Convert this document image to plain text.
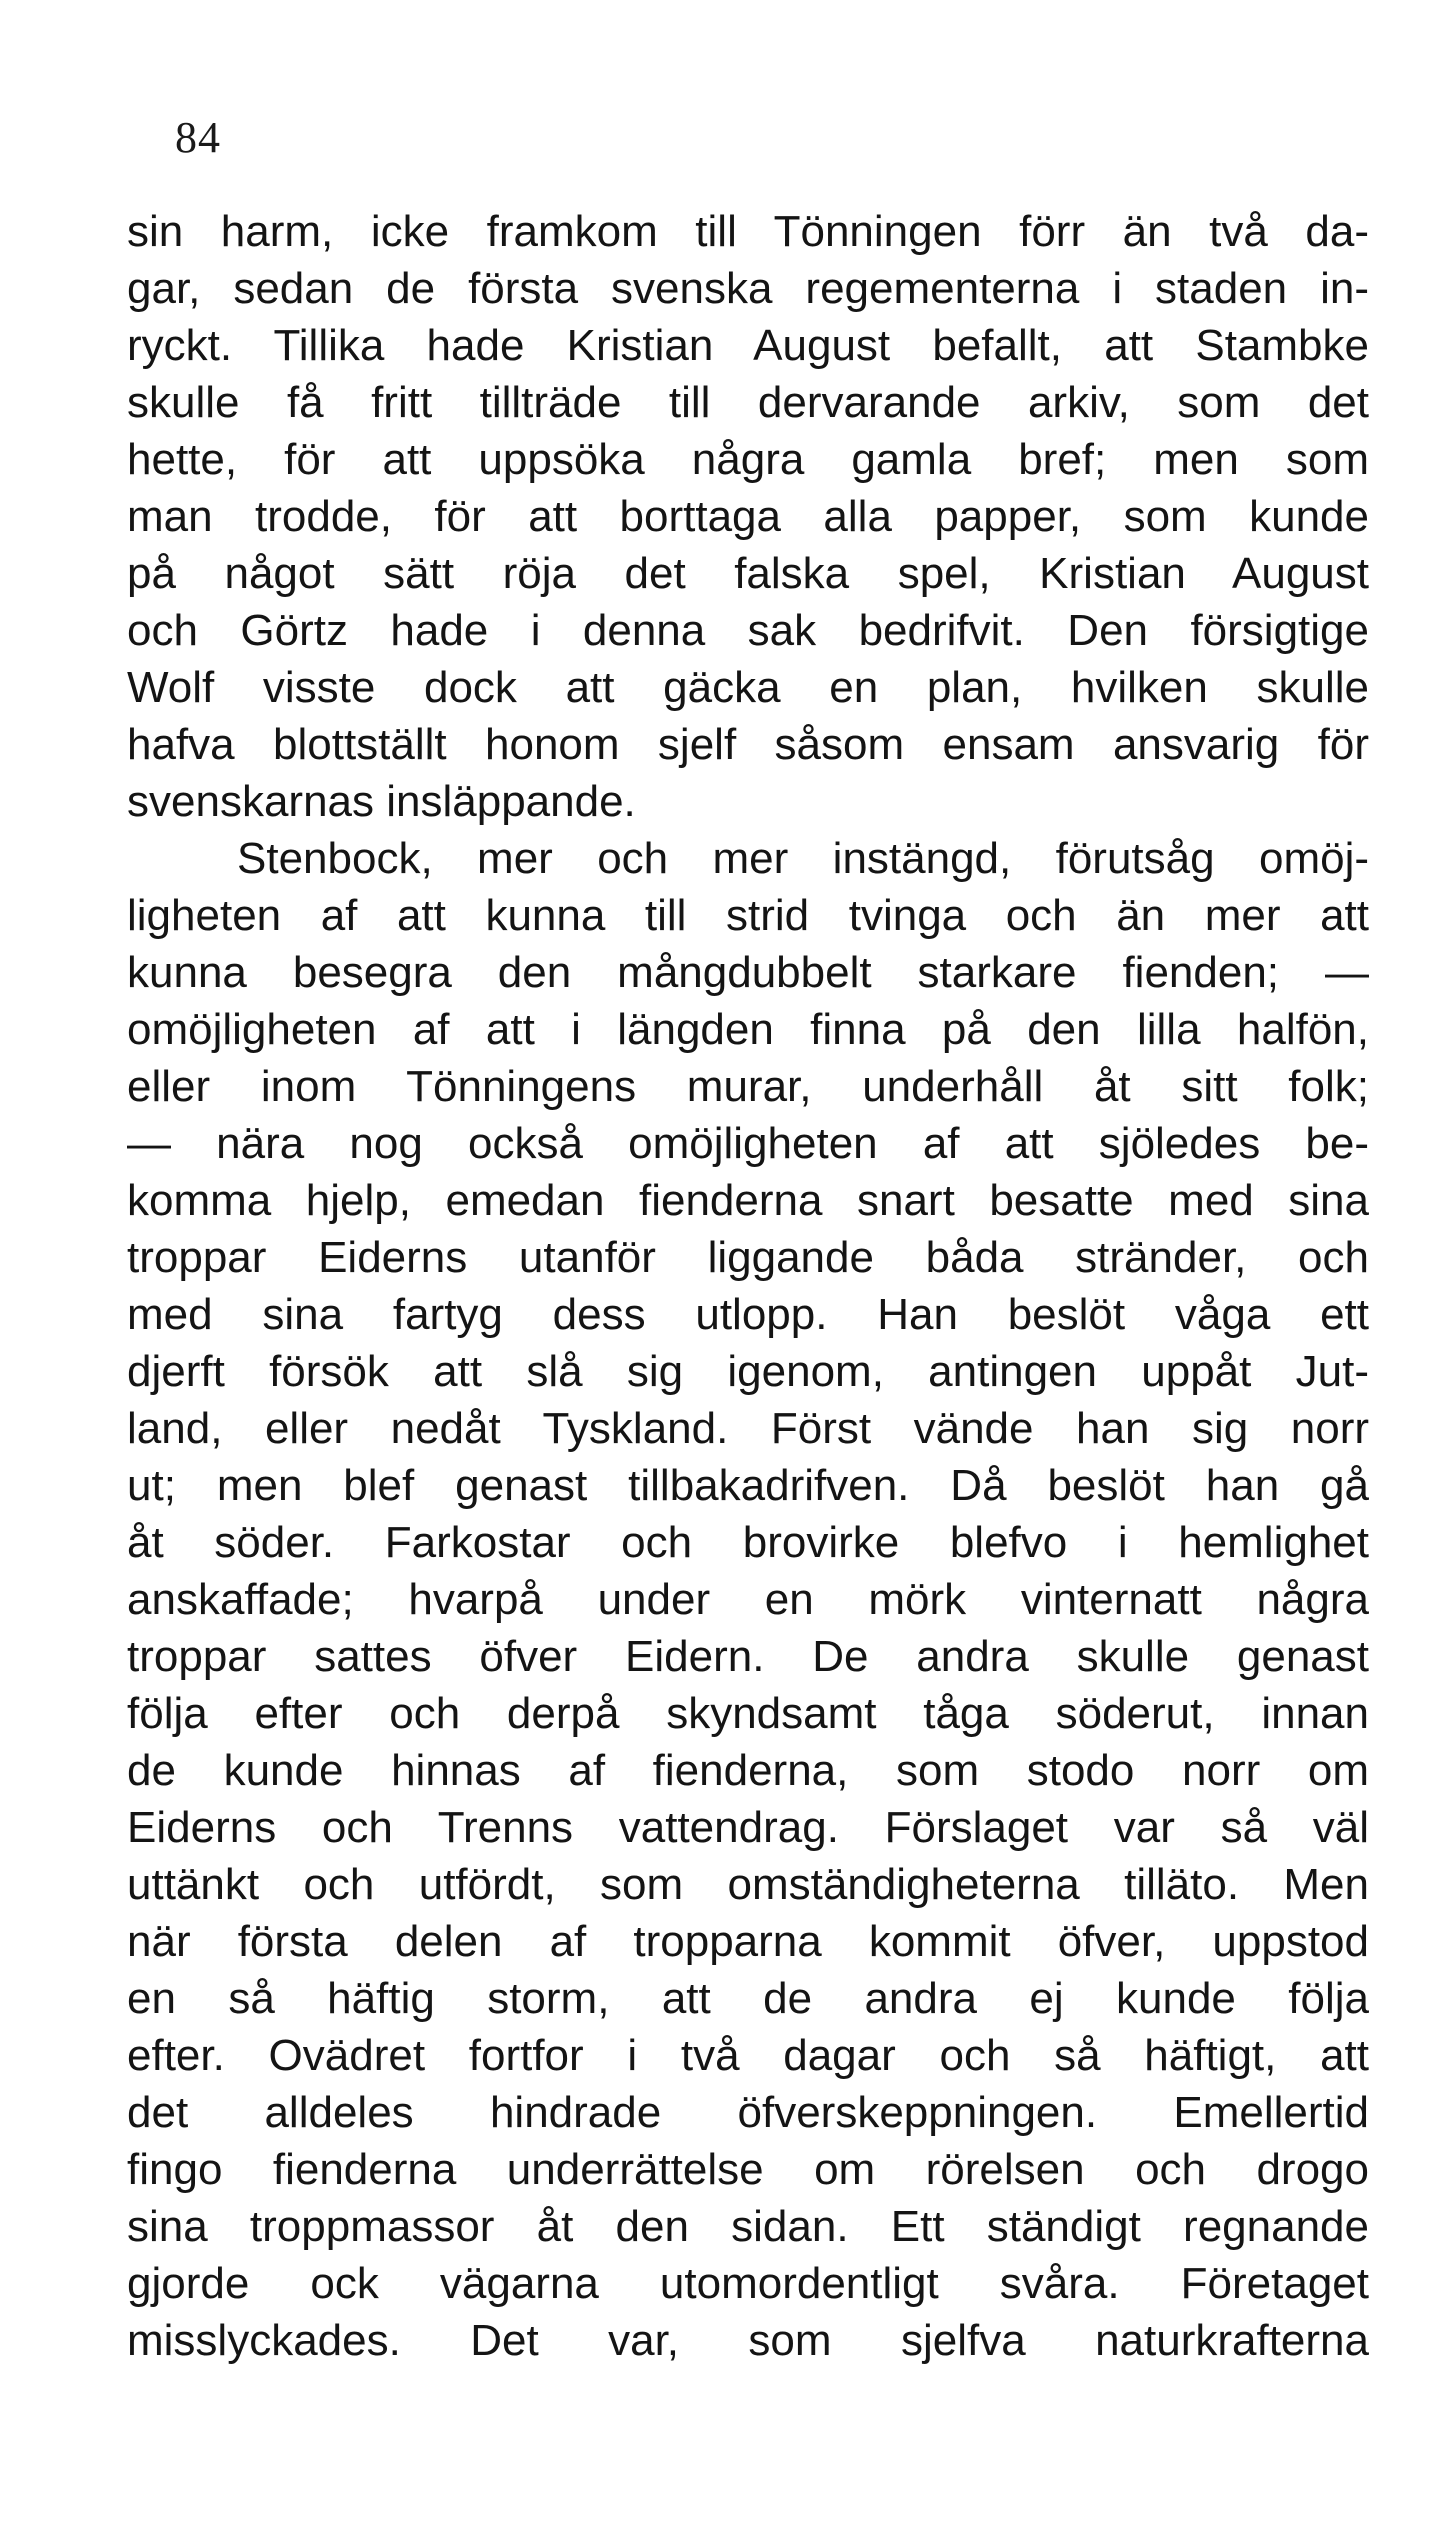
84
sin harm, icke framkom till Tönningen förr än två da-
gar, sedan de första svenska regementerna i staden in-
ryckt. Tillika hade Kristian August befallt, att Stambke
skulle få fritt tillträde till dervarande arkiv, som det
hette, för att uppsöka några gamla bref; men som
man trodde, för att borttaga alla papper, som kunde
på något sätt röja det falska spel, Kristian August
och Görtz hade i denna sak bedrifvit. Den försigtige
Wolf visste dock att gäcka en plan, hvilken skulle
hafva blottställt honom sjelf såsom ensam ansvarig för
svenskarnas insläppande.
Stenbock, mer och mer instängd, förutsåg omöj-
ligheten af att kunna till strid tvinga och än mer att
kunna besegra den mångdubbelt starkare fienden; —
omöjligheten af att i längden finna på den lilla halfön,
eller inom Tönningens murar, underhåll åt sitt folk;
— nära nog också omöjligheten af att sjöledes be-
komma hjelp, emedan fienderna snart besatte med sina
troppar Eiderns utanför liggande båda stränder, och
med sina fartyg dess utlopp. Han beslöt våga ett
djerft försök att slå sig igenom, antingen uppåt Jut-
land, eller nedåt Tyskland. Först vände han sig norr
ut; men blef genast tillbakadrifven. Då beslöt han gå
åt söder. Farkostar och brovirke blefvo i hemlighet
anskaffade; hvarpå under en mörk vinternatt några
troppar sattes öfver Eidern. De andra skulle genast
följa efter och derpå skyndsamt tåga söderut, innan
de kunde hinnas af fienderna, som stodo norr om
Eiderns och Trenns vattendrag. Förslaget var så väl
uttänkt och utfördt, som omständigheterna tilläto. Men
när första delen af tropparna kommit öfver, uppstod
en så häftig storm, att de andra ej kunde följa
efter. Ovädret fortfor i två dagar och så häftigt, att
det alldeles hindrade öfverskeppningen. Emellertid
fingo fienderna underrättelse om rörelsen och drogo
sina troppmassor åt den sidan. Ett ständigt regnande
gjorde ock vägarna utomordentligt svåra. Företaget
misslyckades. Det var, som sjelfva naturkrafterna
